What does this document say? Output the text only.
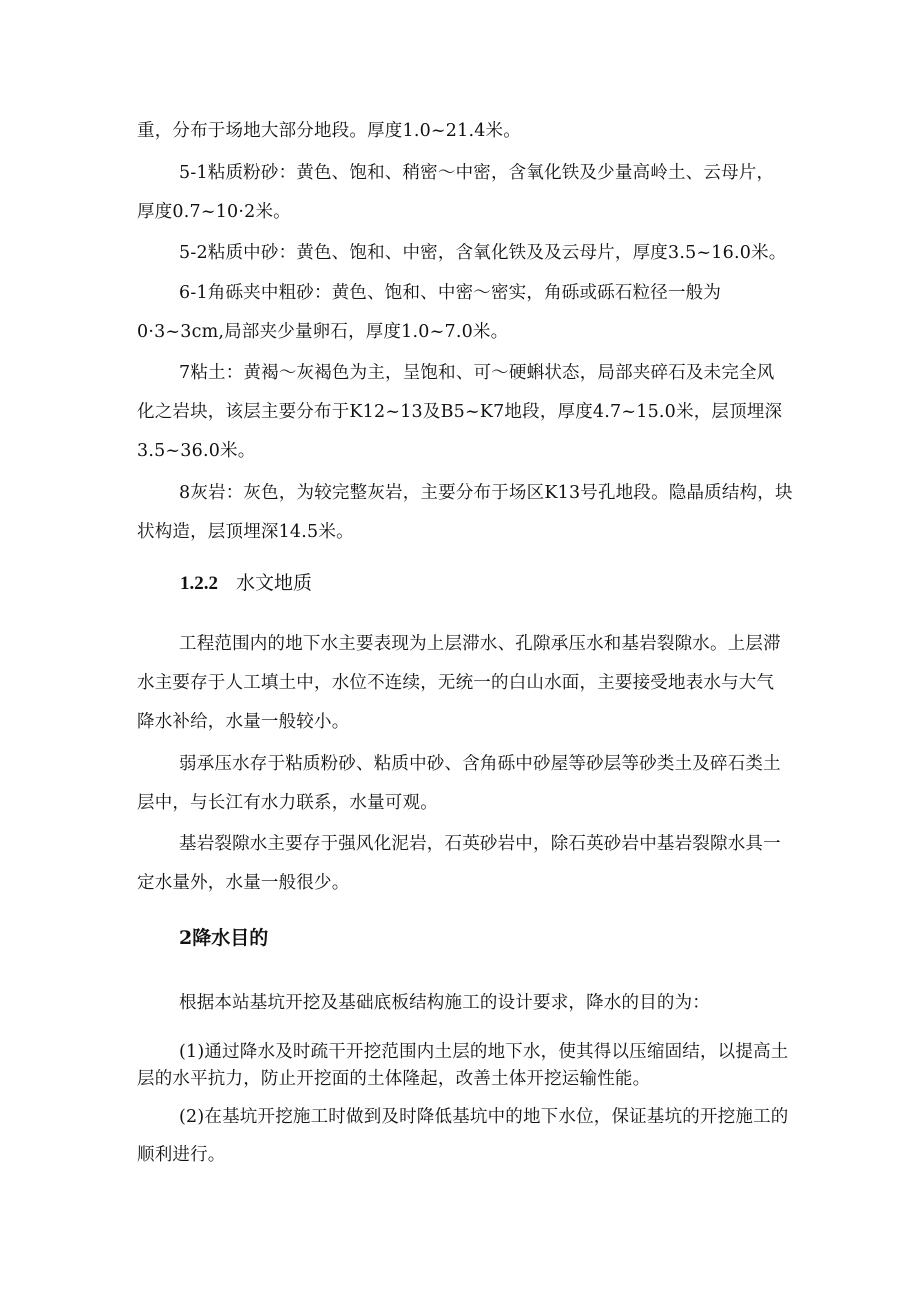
重，分布于场地大部分地段。厚度1.0~21.4米。
5-1粘质粉砂：黄色、饱和、稍密～中密，含氧化铁及少量高岭土、云母片，
厚度0.7~10·2米。
5-2粘质中砂：黄色、饱和、中密，含氧化铁及及云母片，厚度3.5~16.0米。
6-1角砾夹中粗砂：黄色、饱和、中密～密实，角砾或砾石粒径一般为
0·3~3cm,局部夹少量卵石，厚度1.0~7.0米。
7粘土：黄褐～灰褐色为主，呈饱和、可～硬蝌状态，局部夹碎石及未完全风
化之岩块，该层主要分布于K12~13及B5~K7地段，厚度4.7~15.0米，层顶埋深
3.5~36.0米。
8灰岩：灰色，为较完整灰岩，主要分布于场区K13号孔地段。隐晶质结构，块
状构造，层顶埋深14.5米。
1.2.2 水文地质
工程范围内的地下水主要表现为上层滞水、孔隙承压水和基岩裂隙水。上层滞
水主要存于人工填土中，水位不连续，无统一的白山水面，主要接受地表水与大气
降水补给，水量一般较小。
弱承压水存于粘质粉砂、粘质中砂、含角砾中砂屋等砂层等砂类土及碎石类土
层中，与长江有水力联系，水量可观。
基岩裂隙水主要存于强风化泥岩，石英砂岩中，除石英砂岩中基岩裂隙水具一
定水量外，水量一般很少。
2降水目的
根据本站基坑开挖及基础底板结构施工的设计要求，降水的目的为：
(1)通过降水及时疏干开挖范围内土层的地下水，使其得以压缩固结，以提高土
层的水平抗力，防止开挖面的土体隆起，改善土体开挖运输性能。
(2)在基坑开挖施工时做到及时降低基坑中的地下水位，保证基坑的开挖施工的
顺利进行。
